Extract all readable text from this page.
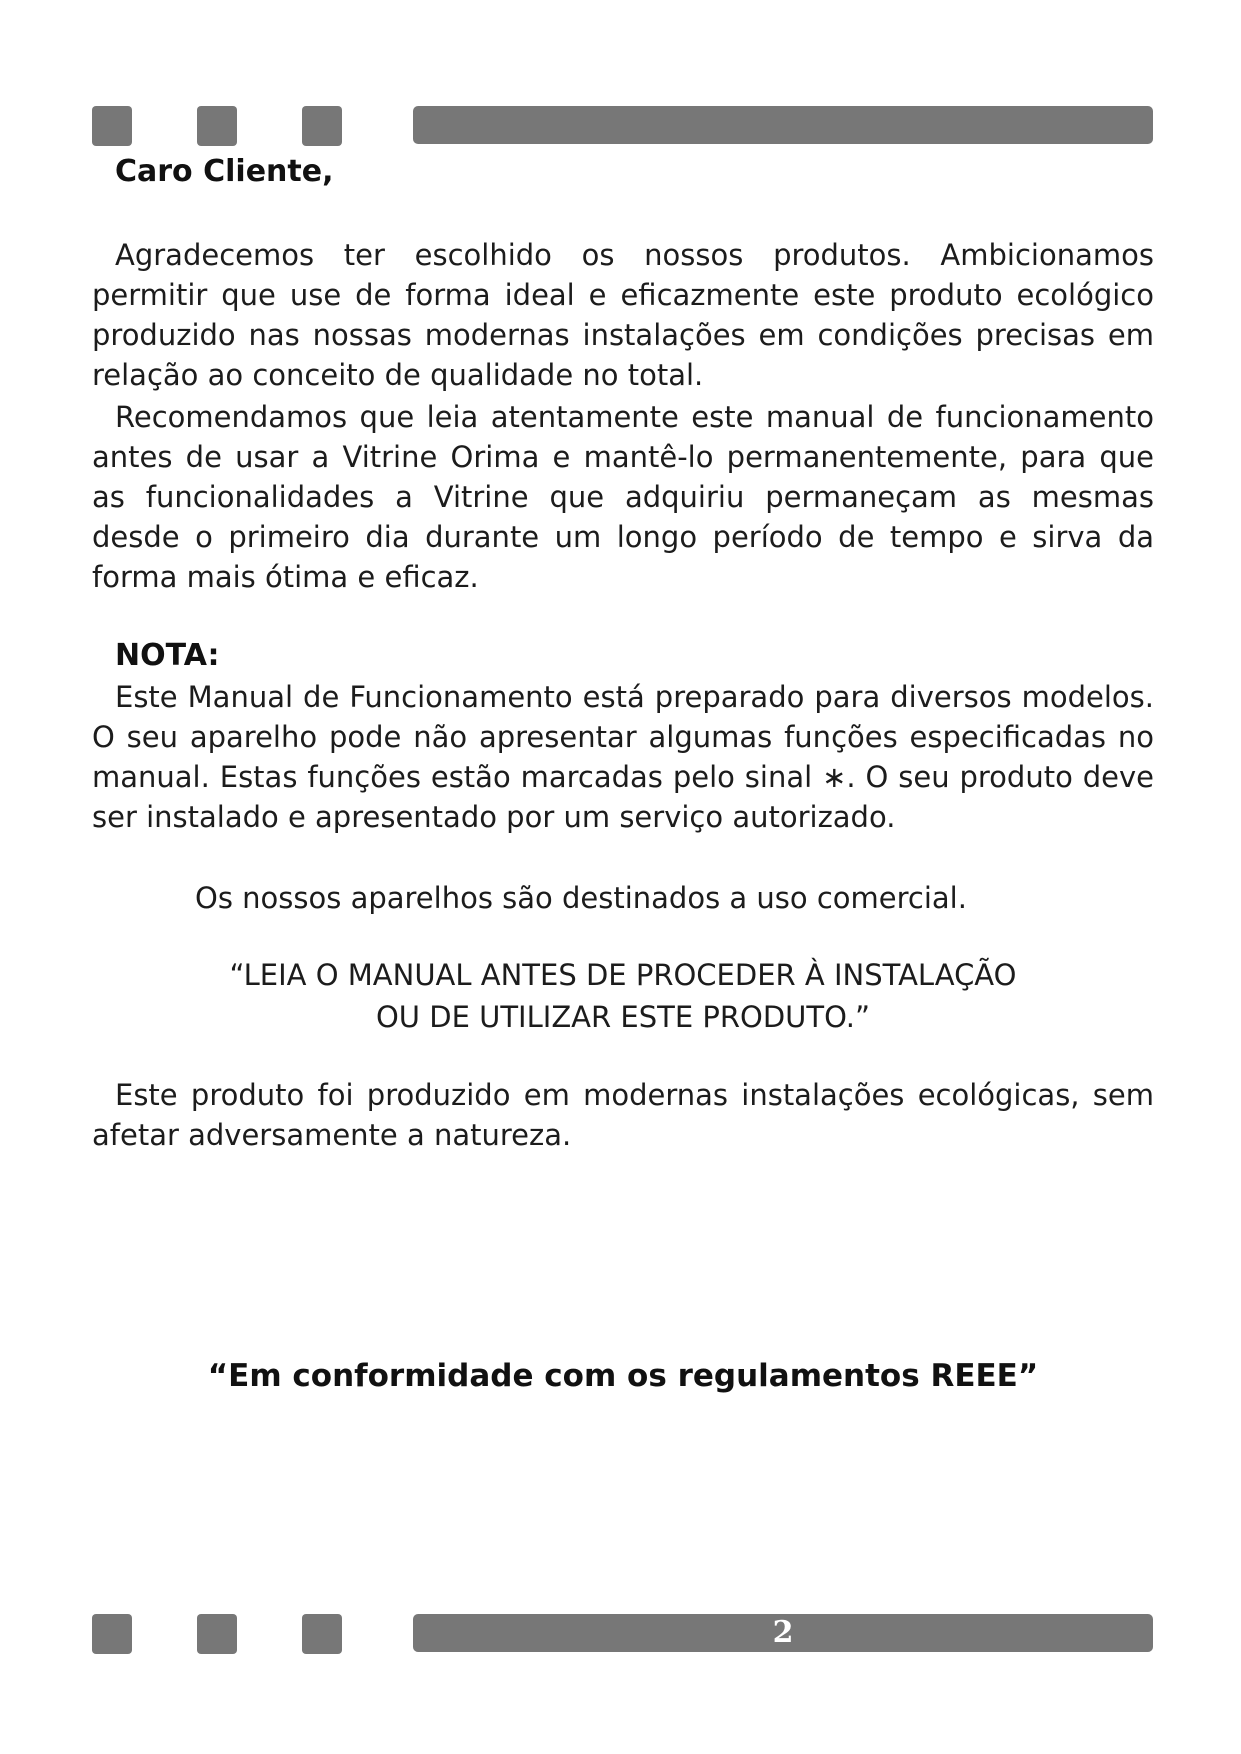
Caro Cliente,

Agradecemos ter escolhido os nossos produtos. Ambicionamos permitir que use de forma ideal e eficazmente este produto ecológico produzido nas nossas modernas instalações em condições precisas em relação ao conceito de qualidade no total.

Recomendamos que leia atentamente este manual de funcionamento antes de usar a Vitrine Orima e mantê-lo permanentemente, para que as funcionalidades a Vitrine que adquiriu permaneçam as mesmas desde o primeiro dia durante um longo período de tempo e sirva da forma mais ótima e eficaz.

NOTA:

Este Manual de Funcionamento está preparado para diversos modelos. O seu aparelho pode não apresentar algumas funções especificadas no manual. Estas funções estão marcadas pelo sinal ∗. O seu produto deve ser instalado e apresentado por um serviço autorizado.

Os nossos aparelhos são destinados a uso comercial.

“LEIA O MANUAL ANTES DE PROCEDER À INSTALAÇÃO
OU DE UTILIZAR ESTE PRODUTO.”

Este produto foi produzido em modernas instalações ecológicas, sem afetar adversamente a natureza.

“Em conformidade com os regulamentos REEE”

2
